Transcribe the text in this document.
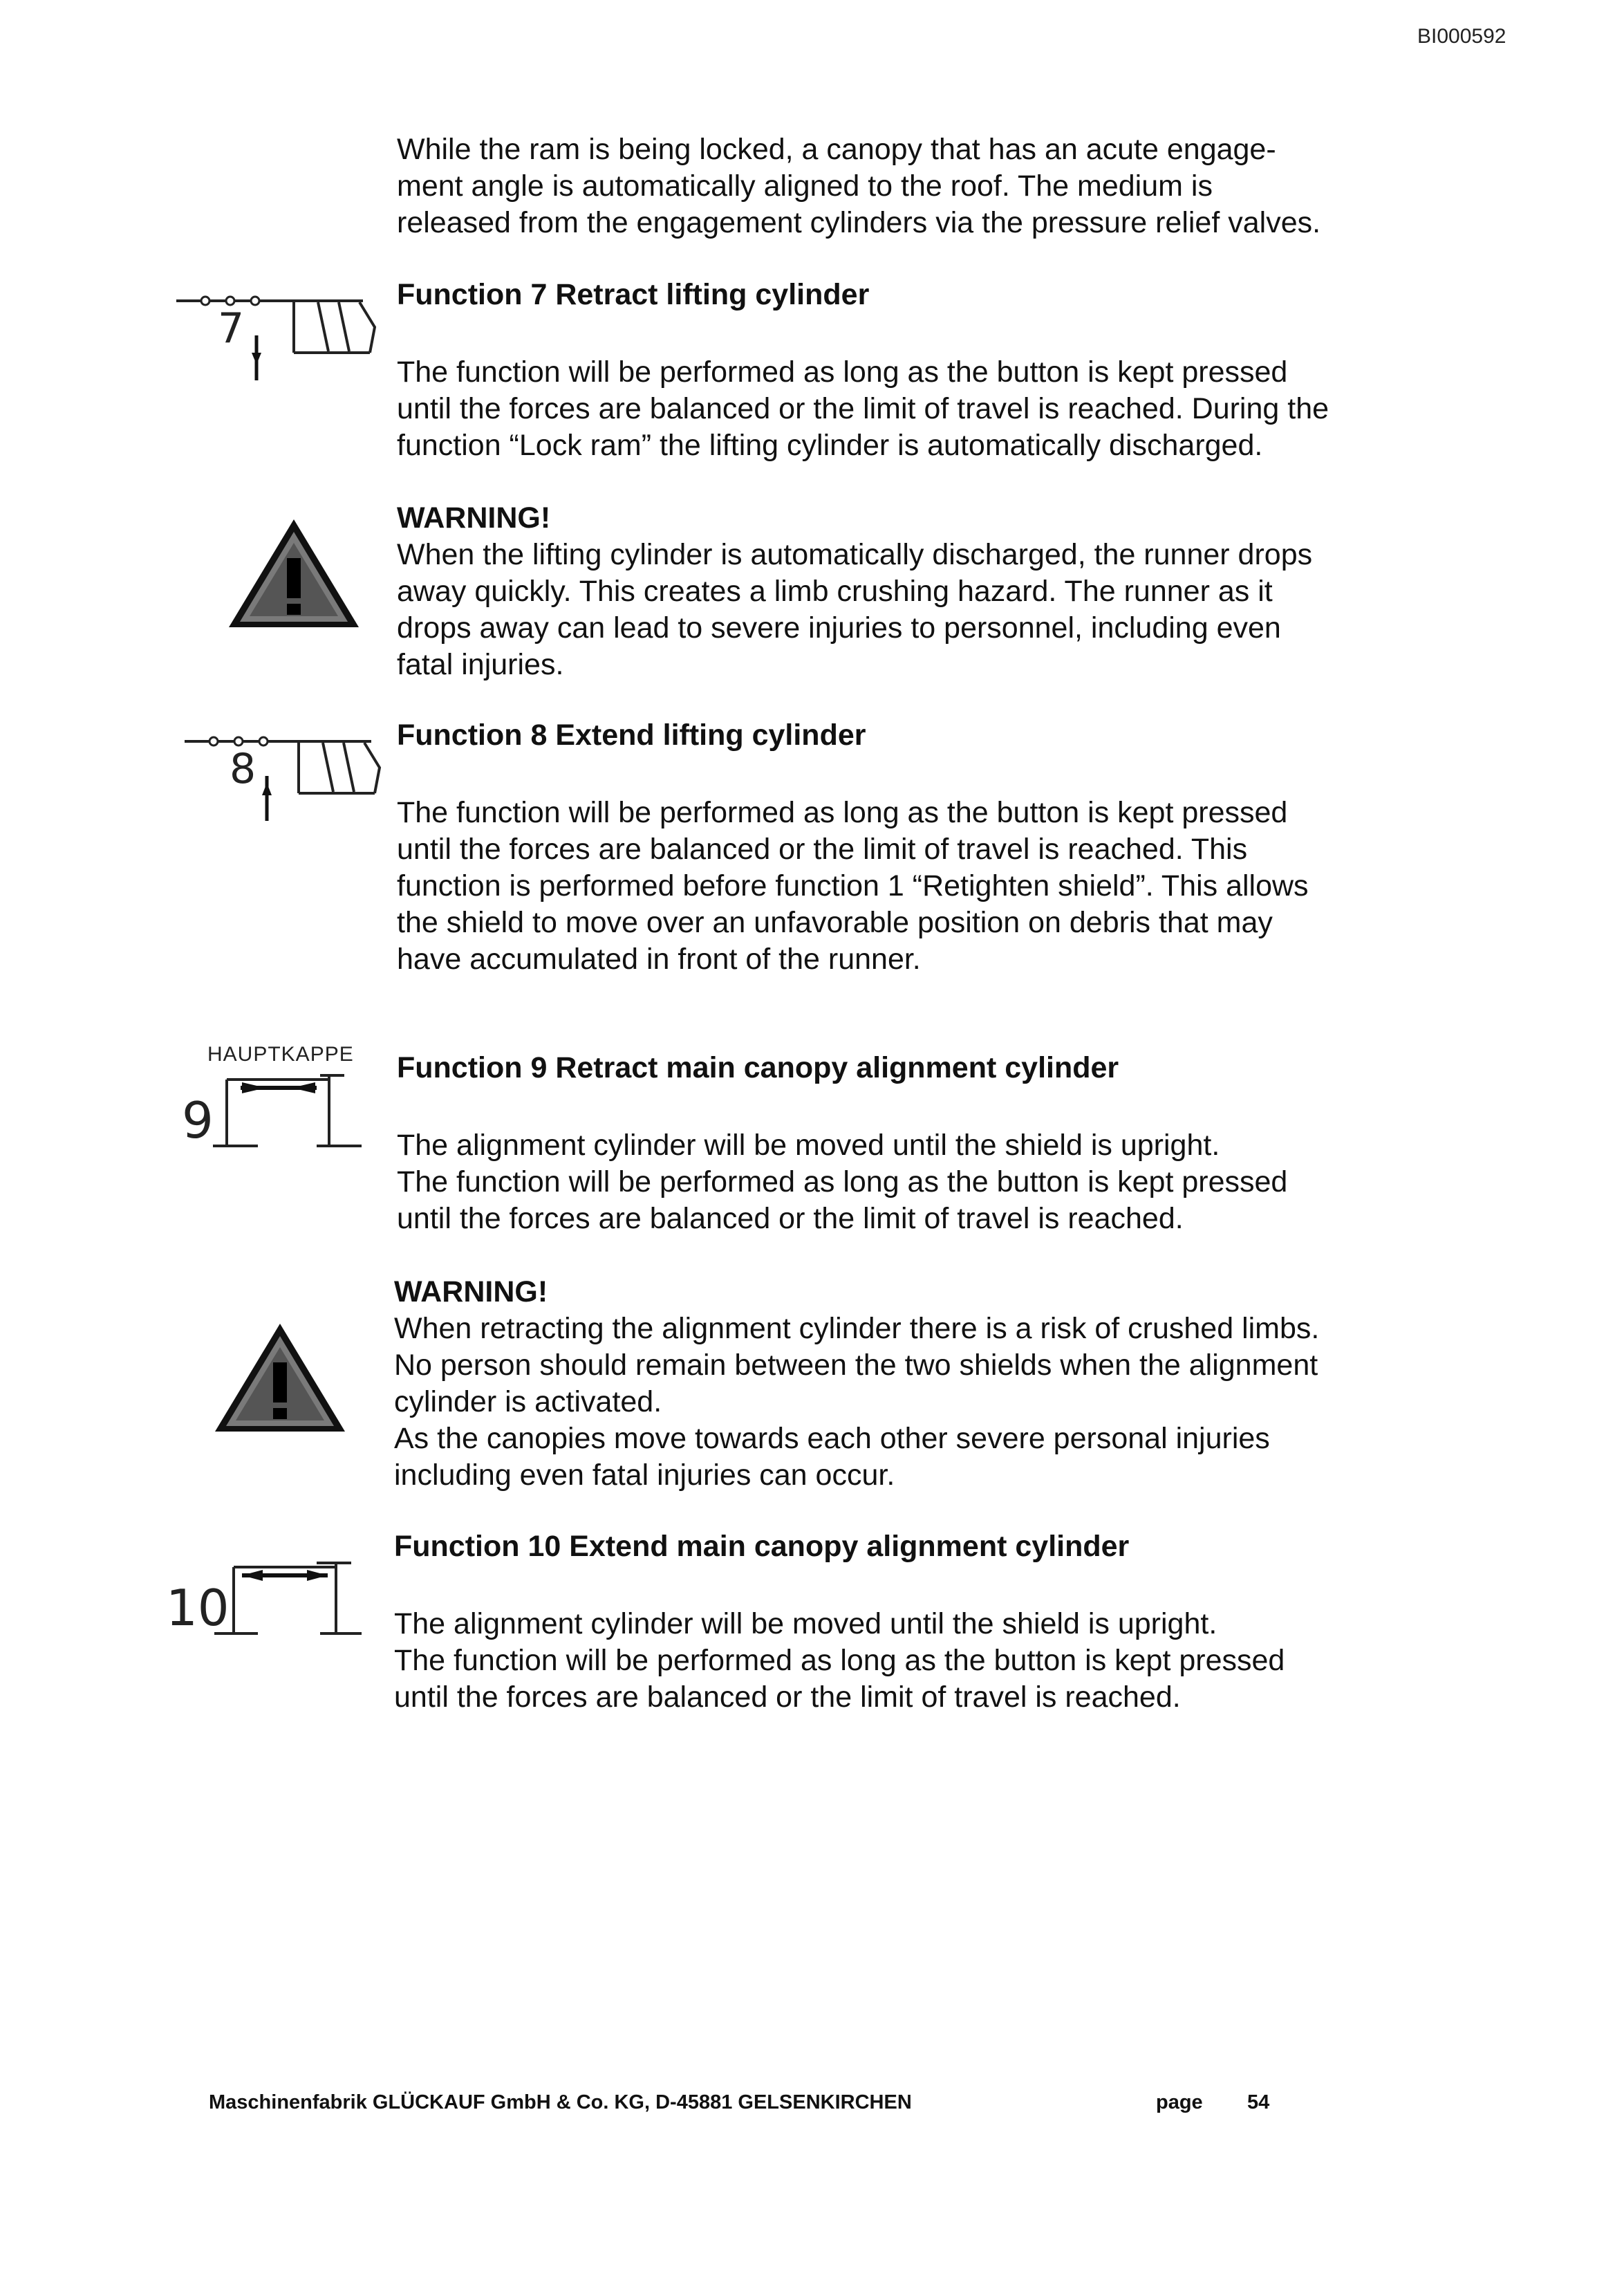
BI000592

While the ram is being locked, a canopy that has an acute engage-

ment angle is automatically aligned to the roof. The medium is

released from the engagement cylinders via the pressure relief valves.

7
Function 7 Retract lifting cylinder

The function will be performed as long as the button is kept pressed

until the forces are balanced or the limit of travel is reached. During the

function “Lock ram” the lifting cylinder is automatically discharged.

WARNING!

When the lifting cylinder is automatically discharged, the runner drops

away quickly. This creates a limb crushing hazard. The runner as it

drops away can lead to severe injuries to personnel, including even

fatal injuries.

8
Function 8 Extend lifting cylinder

The function will be performed as long as the button is kept pressed

until the forces are balanced or the limit of travel is reached. This

function is performed before function 1 “Retighten shield”. This allows

the shield to move over an unfavorable position on debris that may

have accumulated in front of the runner.

HAUPTKAPPE
9
Function 9 Retract main canopy alignment cylinder

The alignment cylinder will be moved until the shield is upright.

The function will be performed as long as the button is kept pressed

until the forces are balanced or the limit of travel is reached.

WARNING!

When retracting the alignment cylinder there is a risk of crushed limbs.

No person should remain between the two shields when the alignment

cylinder is activated.

As the canopies move towards each other severe personal injuries

including even fatal injuries can occur.

10
Function 10 Extend main canopy alignment cylinder

The alignment cylinder will be moved until the shield is upright.

The function will be performed as long as the button is kept pressed

until the forces are balanced or the limit of travel is reached.

Maschinenfabrik GLÜCKAUF GmbH & Co. KG, D-45881 GELSENKIRCHEN	page 54
